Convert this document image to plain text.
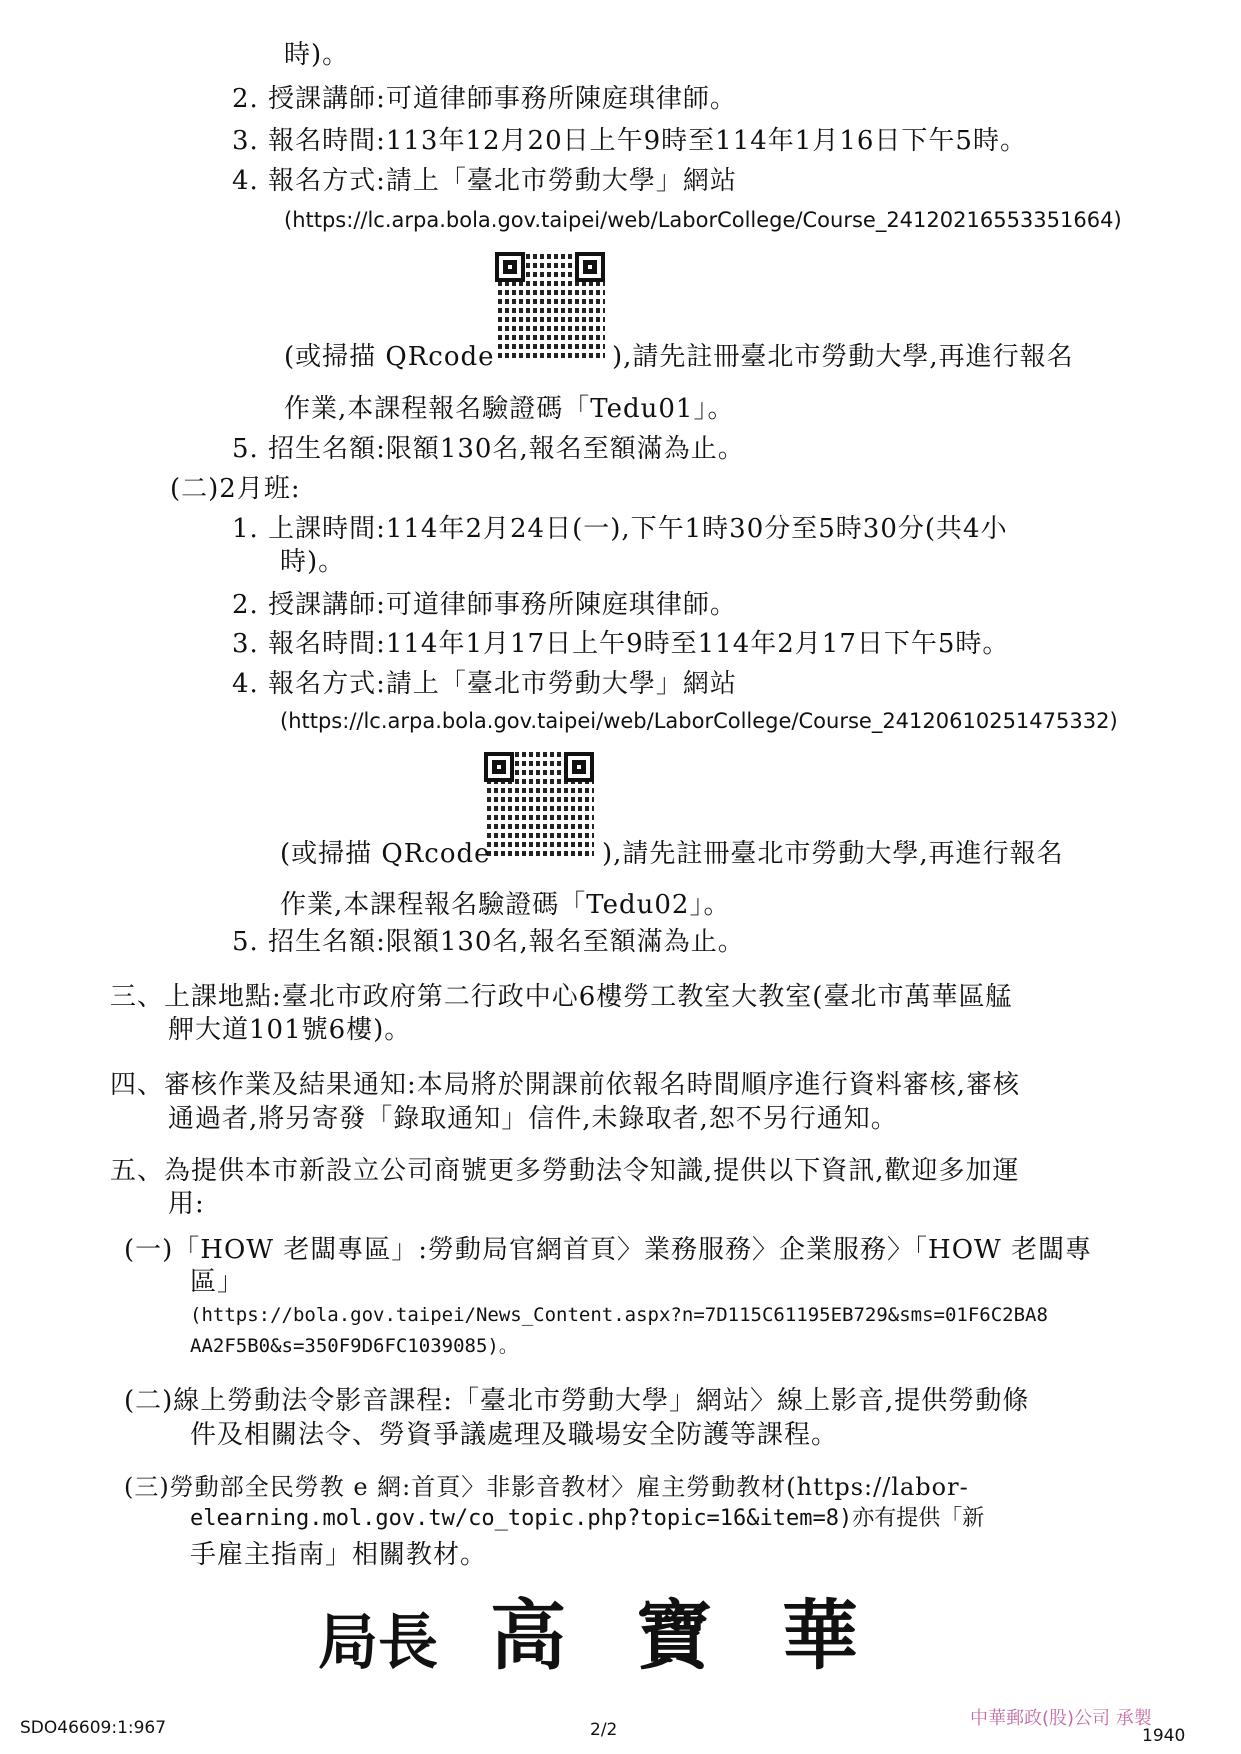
時)。
2. 授課講師:可道律師事務所陳庭琪律師。
3. 報名時間:113年12月20日上午9時至114年1月16日下午5時。
4. 報名方式:請上「臺北市勞動大學」網站
(https://lc.arpa.bola.gov.taipei/web/LaborCollege/Course_24120216553351664)
(或掃描 QRcode	),請先註冊臺北市勞動大學,再進行報名
作業,本課程報名驗證碼「Tedu01」。
5. 招生名額:限額130名,報名至額滿為止。
(二)2月班:
1. 上課時間:114年2月24日(一),下午1時30分至5時30分(共4小
時)。
2. 授課講師:可道律師事務所陳庭琪律師。
3. 報名時間:114年1月17日上午9時至114年2月17日下午5時。
4. 報名方式:請上「臺北市勞動大學」網站
(https://lc.arpa.bola.gov.taipei/web/LaborCollege/Course_24120610251475332)
(或掃描 QRcode	),請先註冊臺北市勞動大學,再進行報名
作業,本課程報名驗證碼「Tedu02」。
5. 招生名額:限額130名,報名至額滿為止。
三、上課地點:臺北市政府第二行政中心6樓勞工教室大教室(臺北市萬華區艋
舺大道101號6樓)。
四、審核作業及結果通知:本局將於開課前依報名時間順序進行資料審核,審核
通過者,將另寄發「錄取通知」信件,未錄取者,恕不另行通知。
五、為提供本市新設立公司商號更多勞動法令知識,提供以下資訊,歡迎多加運
用:
(一)「HOW 老闆專區」:勞動局官網首頁〉業務服務〉企業服務〉「HOW 老闆專
區」
(https://bola.gov.taipei/News_Content.aspx?n=7D115C61195EB729&sms=01F6C2BA8
AA2F5B0&s=350F9D6FC1039085)。
(二)線上勞動法令影音課程:「臺北市勞動大學」網站〉線上影音,提供勞動條
件及相關法令、勞資爭議處理及職場安全防護等課程。
(三)勞動部全民勞教 e 網:首頁〉非影音教材〉雇主勞動教材(https://labor-
elearning.mol.gov.tw/co_topic.php?topic=16&item=8)亦有提供「新
手雇主指南」相關教材。
局長 高寶華
中華郵政(股)公司 承製
SDO46609:1:967	2/2	1940
